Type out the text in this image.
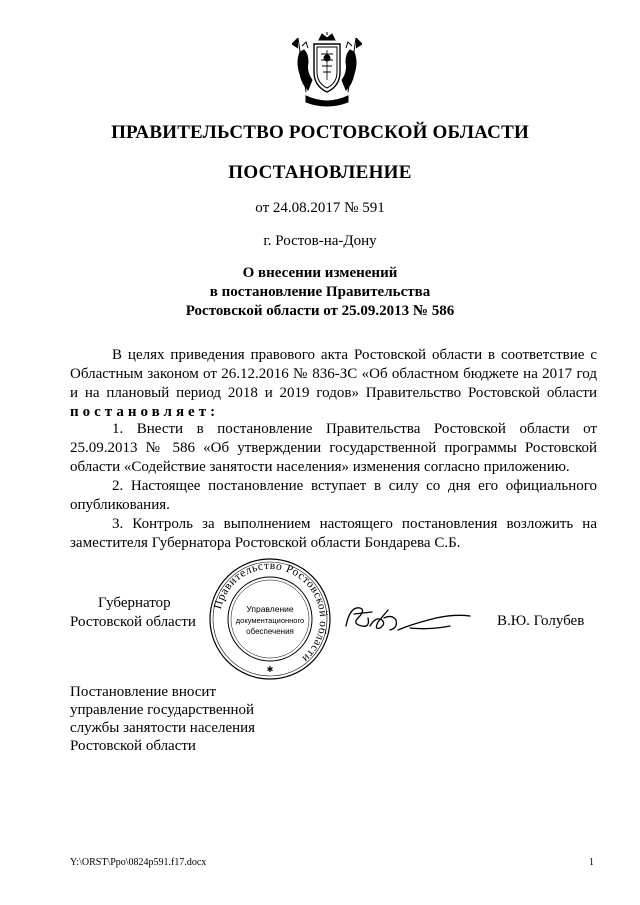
ПРАВИТЕЛЬСТВО РОСТОВСКОЙ ОБЛАСТИ
ПОСТАНОВЛЕНИЕ
от 24.08.2017 № 591
г. Ростов-на-Дону
О внесении изменений
в постановление Правительства
Ростовской области от 25.09.2013 № 586

В целях приведения правового акта Ростовской области в соответствие с Областным законом от 26.12.2016 № 836-ЗС «Об областном бюджете на 2017 год и на плановый период 2018 и 2019 годов» Правительство Ростовской области постановляет:

1. Внести в постановление Правительства Ростовской области от 25.09.2013 № 586 «Об утверждении государственной программы Ростовской области «Содействие занятости населения» изменения согласно приложению.

2. Настоящее постановление вступает в силу со дня его официального опубликования.

3. Контроль за выполнением настоящего постановления возложить на заместителя Губернатора Ростовской области Бондарева С.Б.

Губернатор
Ростовской области
Правительство Ростовской области
✱
Управление
документационного
обеспечения
В.Ю. Голубев
Постановление вносит
управление государственной
службы занятости населения
Ростовской области
Y:\ORST\Ppo\0824p591.f17.docx	1
